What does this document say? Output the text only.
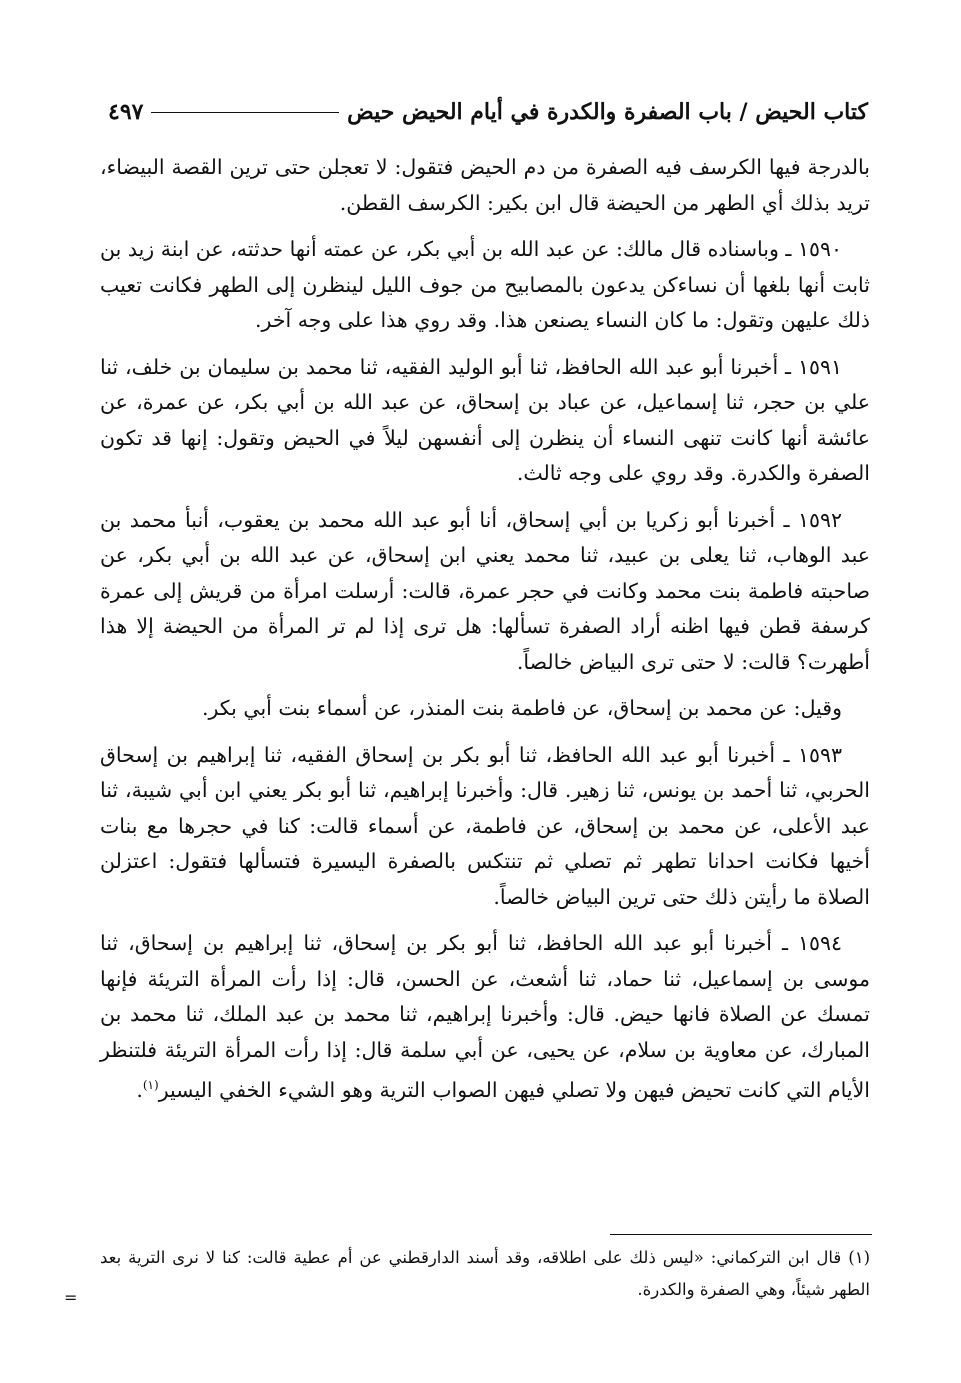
كتاب الحيض / باب الصفرة والكدرة في أيام الحيض حيض
٤٩٧

بالدرجة فيها الكرسف فيه الصفرة من دم الحيض فتقول: لا تعجلن حتى ترين القصة البيضاء، تريد بذلك أي الطهر من الحيضة قال ابن بكير: الكرسف القطن.

١٥٩٠ ـ وباسناده قال مالك: عن عبد الله بن أبي بكر، عن عمته أنها حدثته، عن ابنة زيد بن ثابت أنها بلغها أن نساءكن يدعون بالمصابيح من جوف الليل لينظرن إلى الطهر فكانت تعيب ذلك عليهن وتقول: ما كان النساء يصنعن هذا. وقد روي هذا على وجه آخر.

١٥٩١ ـ أخبرنا أبو عبد الله الحافظ، ثنا أبو الوليد الفقيه، ثنا محمد بن سليمان بن خلف، ثنا علي بن حجر، ثنا إسماعيل، عن عباد بن إسحاق، عن عبد الله بن أبي بكر، عن عمرة، عن عائشة أنها كانت تنهى النساء أن ينظرن إلى أنفسهن ليلاً في الحيض وتقول: إنها قد تكون الصفرة والكدرة. وقد روي على وجه ثالث.

١٥٩٢ ـ أخبرنا أبو زكريا بن أبي إسحاق، أنا أبو عبد الله محمد بن يعقوب، أنبأ محمد بن عبد الوهاب، ثنا يعلى بن عبيد، ثنا محمد يعني ابن إسحاق، عن عبد الله بن أبي بكر، عن صاحبته فاطمة بنت محمد وكانت في حجر عمرة، قالت: أرسلت امرأة من قريش إلى عمرة كرسفة قطن فيها اظنه أراد الصفرة تسألها: هل ترى إذا لم تر المرأة من الحيضة إلا هذا أطهرت؟ قالت: لا حتى ترى البياض خالصاً.

وقيل: عن محمد بن إسحاق، عن فاطمة بنت المنذر، عن أسماء بنت أبي بكر.

١٥٩٣ ـ أخبرنا أبو عبد الله الحافظ، ثنا أبو بكر بن إسحاق الفقيه، ثنا إبراهيم بن إسحاق الحربي، ثنا أحمد بن يونس، ثنا زهير. قال: وأخبرنا إبراهيم، ثنا أبو بكر يعني ابن أبي شيبة، ثنا عبد الأعلى، عن محمد بن إسحاق، عن فاطمة، عن أسماء قالت: كنا في حجرها مع بنات أخيها فكانت احدانا تطهر ثم تصلي ثم تنتكس بالصفرة اليسيرة فتسألها فتقول: اعتزلن الصلاة ما رأيتن ذلك حتى ترين البياض خالصاً.

١٥٩٤ ـ أخبرنا أبو عبد الله الحافظ، ثنا أبو بكر بن إسحاق، ثنا إبراهيم بن إسحاق، ثنا موسى بن إسماعيل، ثنا حماد، ثنا أشعث، عن الحسن، قال: إذا رأت المرأة التريئة فإنها تمسك عن الصلاة فانها حيض. قال: وأخبرنا إبراهيم، ثنا محمد بن عبد الملك، ثنا محمد بن المبارك، عن معاوية بن سلام، عن يحيى، عن أبي سلمة قال: إذا رأت المرأة التريئة فلتنظر الأيام التي كانت تحيض فيهن ولا تصلي فيهن الصواب الترية وهو الشيء الخفي اليسير$^{(١)}$.

(١) قال ابن التركماني: «ليس ذلك على اطلاقه، وقد أسند الدارقطني عن أم عطية قالت: كنا لا نرى الترية بعد الطهر شيئاً، وهي الصفرة والكدرة.

=
